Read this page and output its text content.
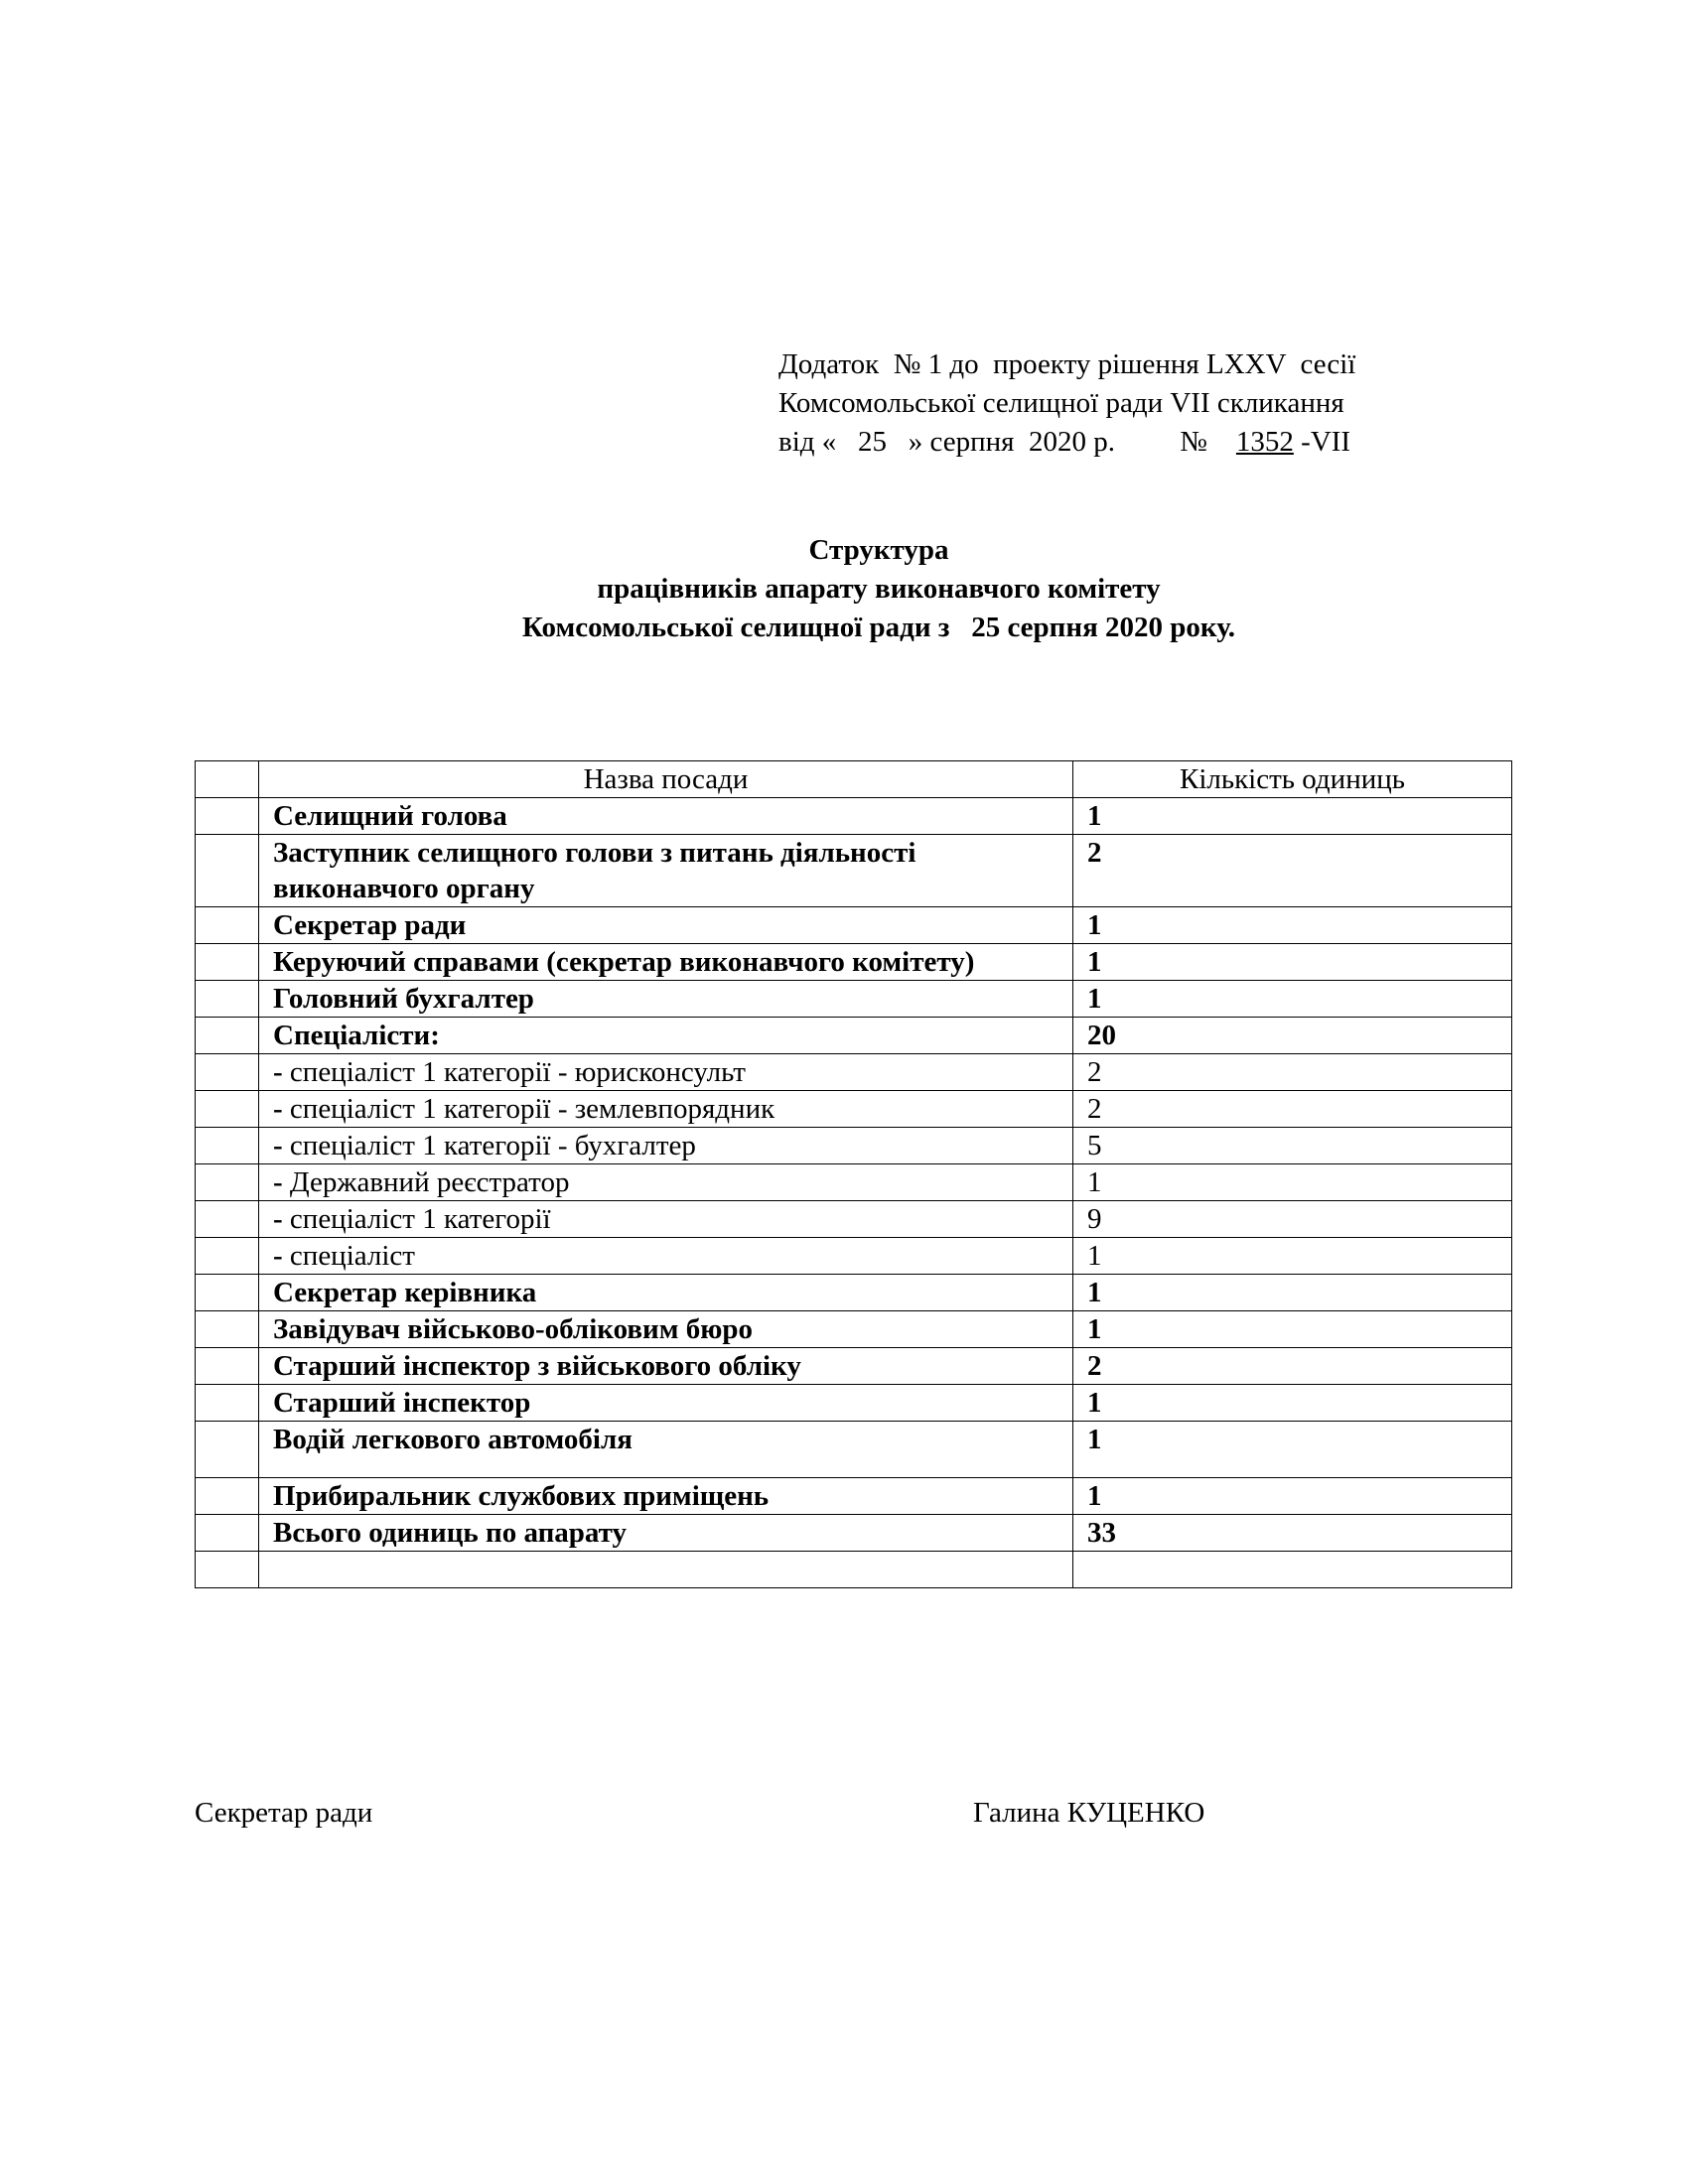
Додаток  № 1 до  проекту рішення LXXV  сесії
Комсомольської селищної ради VII скликання
від «   25   » серпня  2020 р. № 1352 -VII
Структура
працівників апарату виконавчого комітету
Комсомольської селищної ради з   25 серпня 2020 року.
	Назва посади	Кількість одиниць
	Селищний голова	1
	Заступник селищного голови з питань діяльності виконавчого органу	2
	Секретар ради	1
	Керуючий справами (секретар виконавчого комітету)	1
	Головний бухгалтер	1
	Спеціалісти:	20
	- спеціаліст 1 категорії - юрисконсульт	2
	- спеціаліст 1 категорії - землевпорядник	2
	- спеціаліст 1 категорії - бухгалтер	5
	- Державний реєстратор	1
	- спеціаліст 1 категорії	9
	- спеціаліст	1
	Секретар керівника	1
	Завідувач військово-обліковим бюро	1
	Старший інспектор з військового обліку	2
	Старший інспектор	1
	Водій легкового автомобіля	1
	Прибиральник службових приміщень	1
	Всього одиниць по апарату	33

Секретар ради	Галина КУЦЕНКО
